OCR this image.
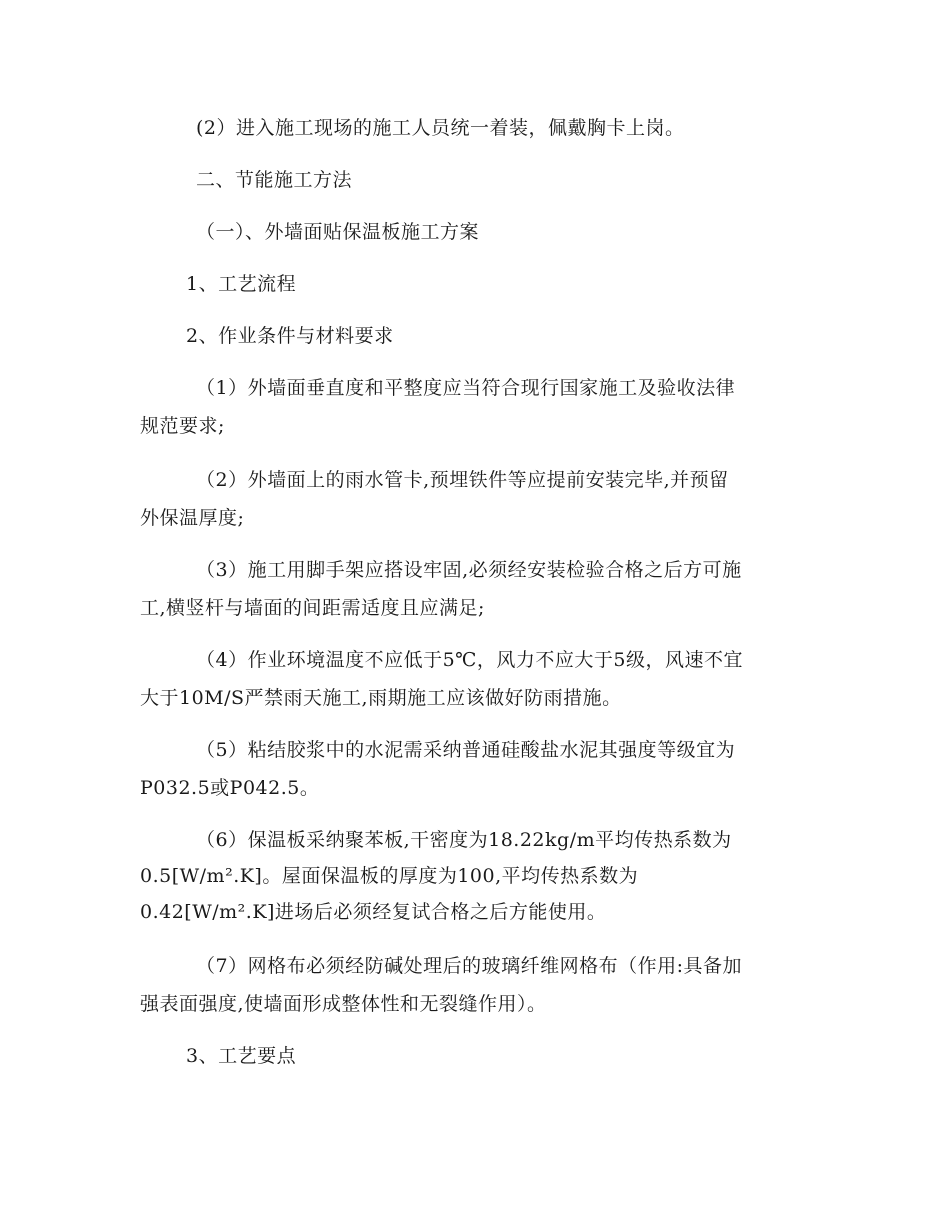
(2）进入施工现场的施工人员统一着装，佩戴胸卡上岗。
二、节能施工方法
（一）、外墙面贴保温板施工方案
1、工艺流程
2、作业条件与材料要求
（1）外墙面垂直度和平整度应当符合现行国家施工及验收法律
规范要求;
（2）外墙面上的雨水管卡,预埋铁件等应提前安装完毕,并预留
外保温厚度;
（3）施工用脚手架应搭设牢固,必须经安装检验合格之后方可施
工,横竖杆与墙面的间距需适度且应满足;
（4）作业环境温度不应低于5℃，风力不应大于5级，风速不宜
大于10M/S严禁雨天施工,雨期施工应该做好防雨措施。
（5）粘结胶浆中的水泥需采纳普通硅酸盐水泥其强度等级宜为
P032.5或P042.5。
（6）保温板采纳聚苯板,干密度为18.22kg/m平均传热系数为
0.5[W/m².K]。屋面保温板的厚度为100,平均传热系数为
0.42[W/m².K]进场后必须经复试合格之后方能使用。
（7）网格布必须经防碱处理后的玻璃纤维网格布（作用:具备加
强表面强度,使墙面形成整体性和无裂缝作用）。
3、工艺要点
